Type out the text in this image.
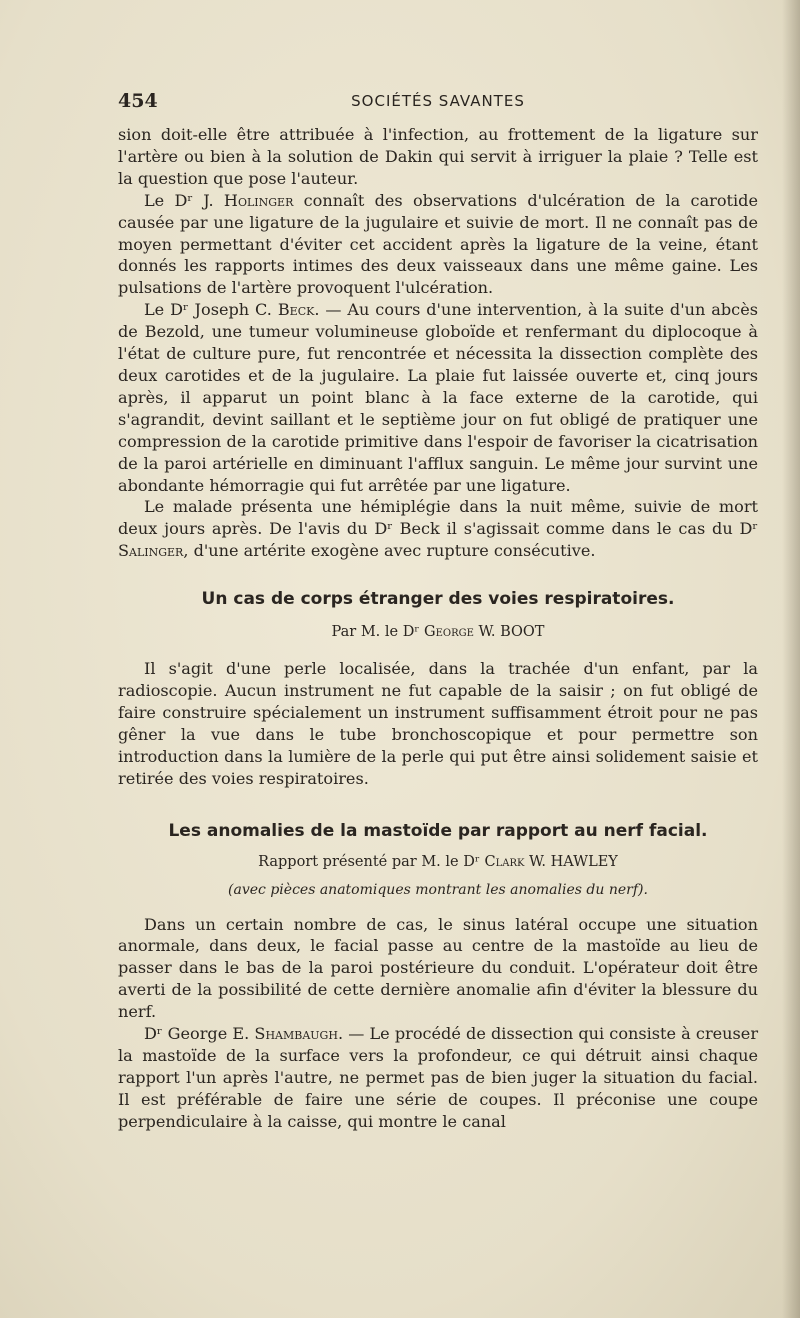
454	SOCIÉTÉS SAVANTES

sion doit-elle être attribuée à l'infection, au frottement de la ligature sur l'artère ou bien à la solution de Dakin qui servit à irriguer la plaie ? Telle est la question que pose l'auteur.

Le Dʳ J. Holinger connaît des observations d'ulcération de la carotide causée par une ligature de la jugulaire et suivie de mort. Il ne connaît pas de moyen permettant d'éviter cet accident après la ligature de la veine, étant donnés les rapports intimes des deux vaisseaux dans une même gaine. Les pulsations de l'artère provoquent l'ulcération.

Le Dʳ Joseph C. Beck. — Au cours d'une intervention, à la suite d'un abcès de Bezold, une tumeur volumineuse globoïde et renfermant du diplocoque à l'état de culture pure, fut rencontrée et nécessita la dissection complète des deux carotides et de la jugulaire. La plaie fut laissée ouverte et, cinq jours après, il apparut un point blanc à la face externe de la carotide, qui s'agrandit, devint saillant et le septième jour on fut obligé de pratiquer une compression de la carotide primitive dans l'espoir de favoriser la cicatrisation de la paroi artérielle en diminuant l'afflux sanguin. Le même jour survint une abondante hémorragie qui fut arrêtée par une ligature.

Le malade présenta une hémiplégie dans la nuit même, suivie de mort deux jours après. De l'avis du Dʳ Beck il s'agissait comme dans le cas du Dʳ Salinger, d'une artérite exogène avec rupture consécutive.

Un cas de corps étranger des voies respiratoires.

Par M. le Dʳ George W. BOOT

Il s'agit d'une perle localisée, dans la trachée d'un enfant, par la radioscopie. Aucun instrument ne fut capable de la saisir ; on fut obligé de faire construire spécialement un instrument suffisamment étroit pour ne pas gêner la vue dans le tube bronchoscopique et pour permettre son introduction dans la lumière de la perle qui put être ainsi solidement saisie et retirée des voies respiratoires.

Les anomalies de la mastoïde par rapport au nerf facial.

Rapport présenté par M. le Dʳ Clark W. HAWLEY

(avec pièces anatomiques montrant les anomalies du nerf).

Dans un certain nombre de cas, le sinus latéral occupe une situation anormale, dans deux, le facial passe au centre de la mastoïde au lieu de passer dans le bas de la paroi postérieure du conduit. L'opérateur doit être averti de la possibilité de cette dernière anomalie afin d'éviter la blessure du nerf.

Dʳ George E. Shambaugh. — Le procédé de dissection qui consiste à creuser la mastoïde de la surface vers la profondeur, ce qui détruit ainsi chaque rapport l'un après l'autre, ne permet pas de bien juger la situation du facial. Il est préférable de faire une série de coupes. Il préconise une coupe perpendiculaire à la caisse, qui montre le canal
